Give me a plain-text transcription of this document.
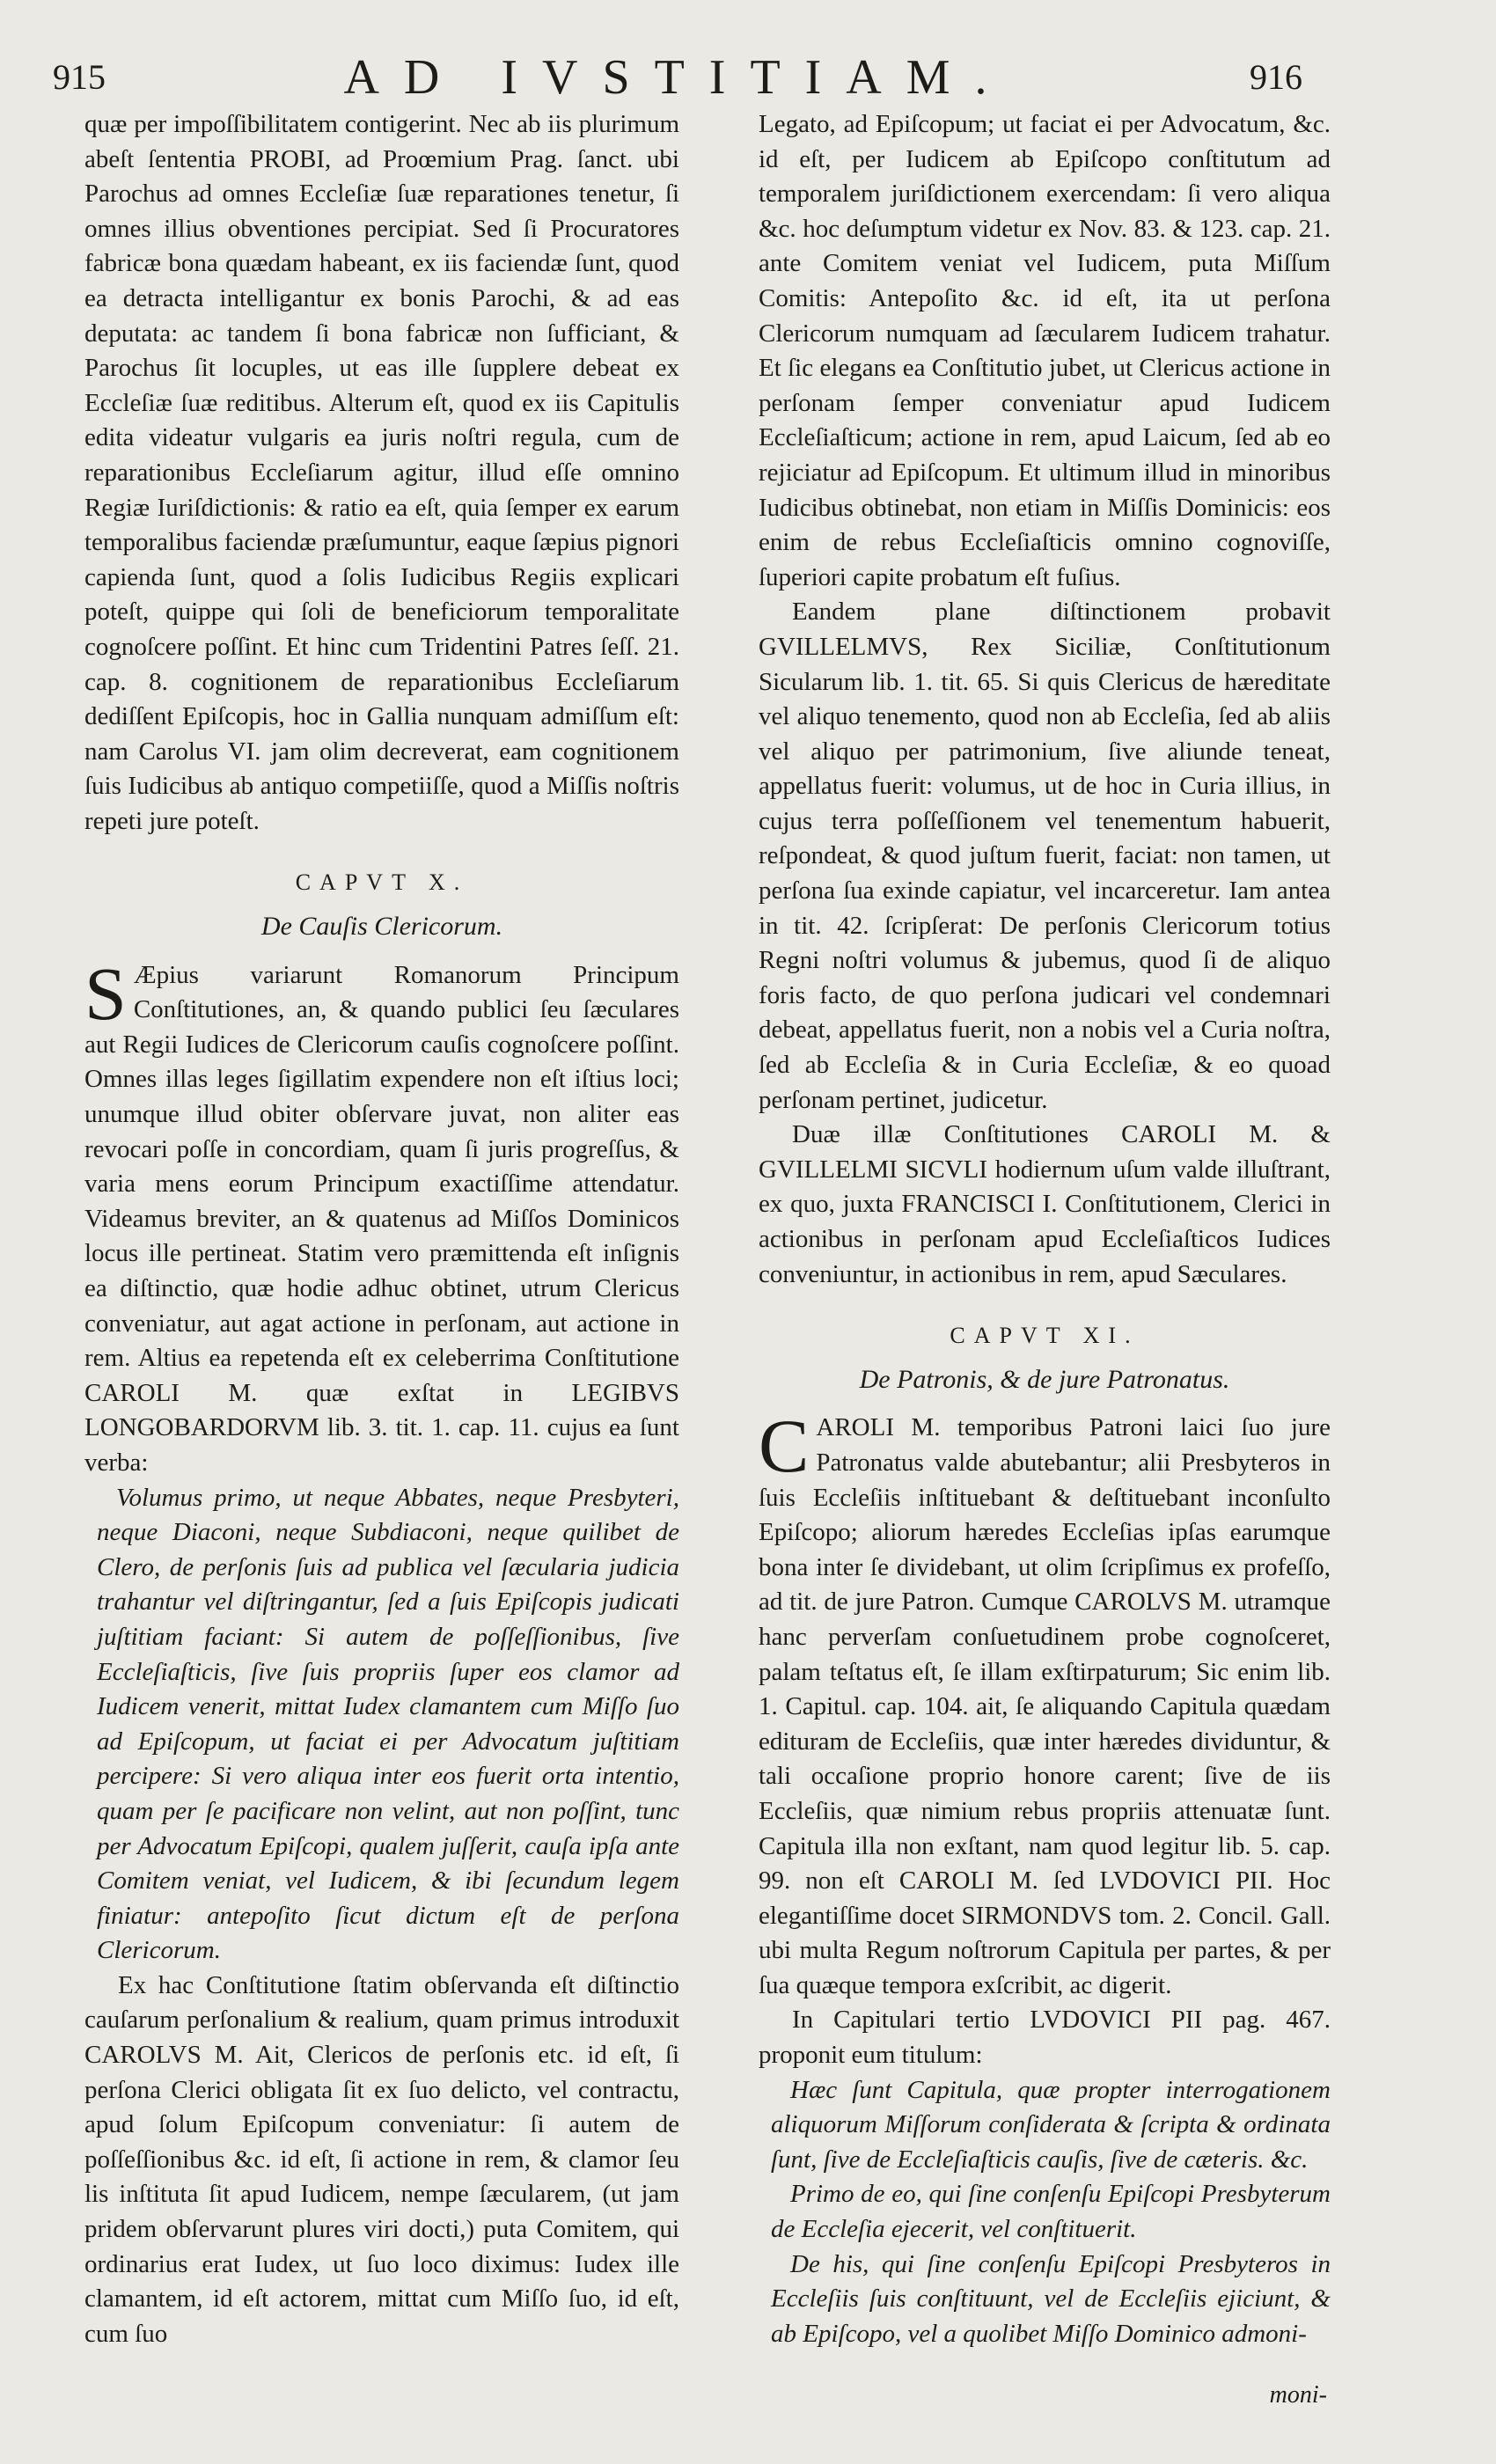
915	AD IVSTITIAM.	916

quæ per impoſſibilitatem contigerint. Nec ab iis plurimum abeſt ſententia PROBI, ad Proœmium Prag. ſanct. ubi Parochus ad omnes Eccleſiæ ſuæ reparationes tenetur, ſi omnes illius obventiones percipiat. Sed ſi Procuratores fabricæ bona quædam habeant, ex iis faciendæ ſunt, quod ea detracta intelligantur ex bonis Parochi, & ad eas deputata: ac tandem ſi bona fabricæ non ſufficiant, & Parochus ſit locuples, ut eas ille ſupplere debeat ex Eccleſiæ ſuæ reditibus. Alterum eſt, quod ex iis Capitulis edita videatur vulgaris ea juris noſtri regula, cum de reparationibus Eccleſiarum agitur, illud eſſe omnino Regiæ Iuriſdictionis: & ratio ea eſt, quia ſemper ex earum temporalibus faciendæ præſumuntur, eaque ſæpius pignori capienda ſunt, quod a ſolis Iudicibus Regiis explicari poteſt, quippe qui ſoli de beneficiorum temporalitate cognoſcere poſſint. Et hinc cum Tridentini Patres ſeſſ. 21. cap. 8. cognitionem de reparationibus Eccleſiarum dediſſent Epiſcopis, hoc in Gallia nunquam admiſſum eſt: nam Carolus VI. jam olim decreverat, eam cognitionem ſuis Iudicibus ab antiquo competiiſſe, quod a Miſſis noſtris repeti jure poteſt.

CAPVT X.
De Cauſis Clericorum.

S Æpius variarunt Romanorum Principum Conſtitutiones, an, & quando publici ſeu ſæculares aut Regii Iudices de Clericorum cauſis cognoſcere poſſint. Omnes illas leges ſigillatim expendere non eſt iſtius loci; unumque illud obiter obſervare juvat, non aliter eas revocari poſſe in concordiam, quam ſi juris progreſſus, & varia mens eorum Principum exactiſſime attendatur. Videamus breviter, an & quatenus ad Miſſos Dominicos locus ille pertineat. Statim vero præmittenda eſt inſignis ea diſtinctio, quæ hodie adhuc obtinet, utrum Clericus conveniatur, aut agat actione in perſonam, aut actione in rem. Altius ea repetenda eſt ex celeberrima Conſtitutione CAROLI M. quæ exſtat in LEGIBVS LONGOBARDORVM lib. 3. tit. 1. cap. 11. cujus ea ſunt verba:

Volumus primo, ut neque Abbates, neque Presbyteri, neque Diaconi, neque Subdiaconi, neque quilibet de Clero, de perſonis ſuis ad publica vel ſæcularia judicia trahantur vel diſtringantur, ſed a ſuis Epiſcopis judicati juſtitiam faciant: Si autem de poſſeſſionibus, ſive Eccleſiaſticis, ſive ſuis propriis ſuper eos clamor ad Iudicem venerit, mittat Iudex clamantem cum Miſſo ſuo ad Epiſcopum, ut faciat ei per Advocatum juſtitiam percipere: Si vero aliqua inter eos fuerit orta intentio, quam per ſe pacificare non velint, aut non poſſint, tunc per Advocatum Epiſcopi, qualem juſſerit, cauſa ipſa ante Comitem veniat, vel Iudicem, & ibi ſecundum legem finiatur: antepoſito ſicut dictum eſt de perſona Clericorum.

Ex hac Conſtitutione ſtatim obſervanda eſt diſtinctio cauſarum perſonalium & realium, quam primus introduxit CAROLVS M. Ait, Clericos de perſonis etc. id eſt, ſi perſona Clerici obligata ſit ex ſuo delicto, vel contractu, apud ſolum Epiſcopum conveniatur: ſi autem de poſſeſſionibus &c. id eſt, ſi actione in rem, & clamor ſeu lis inſtituta ſit apud Iudicem, nempe ſæcularem, (ut jam pridem obſervarunt plures viri docti,) puta Comitem, qui ordinarius erat Iudex, ut ſuo loco diximus: Iudex ille clamantem, id eſt actorem, mittat cum Miſſo ſuo, id eſt, cum ſuo

Legato, ad Epiſcopum; ut faciat ei per Advocatum, &c. id eſt, per Iudicem ab Epiſcopo conſtitutum ad temporalem juriſdictionem exercendam: ſi vero aliqua &c. hoc deſumptum videtur ex Nov. 83. & 123. cap. 21. ante Comitem veniat vel Iudicem, puta Miſſum Comitis: Antepoſito &c. id eſt, ita ut perſona Clericorum numquam ad ſæcularem Iudicem trahatur. Et ſic elegans ea Conſtitutio jubet, ut Clericus actione in perſonam ſemper conveniatur apud Iudicem Eccleſiaſticum; actione in rem, apud Laicum, ſed ab eo rejiciatur ad Epiſcopum. Et ultimum illud in minoribus Iudicibus obtinebat, non etiam in Miſſis Dominicis: eos enim de rebus Eccleſiaſticis omnino cognoviſſe, ſuperiori capite probatum eſt fuſius.

Eandem plane diſtinctionem probavit GVILLELMVS, Rex Siciliæ, Conſtitutionum Sicularum lib. 1. tit. 65. Si quis Clericus de hæreditate vel aliquo tenemento, quod non ab Eccleſia, ſed ab aliis vel aliquo per patrimonium, ſive aliunde teneat, appellatus fuerit: volumus, ut de hoc in Curia illius, in cujus terra poſſeſſionem vel tenementum habuerit, reſpondeat, & quod juſtum fuerit, faciat: non tamen, ut perſona ſua exinde capiatur, vel incarceretur. Iam antea in tit. 42. ſcripſerat: De perſonis Clericorum totius Regni noſtri volumus & jubemus, quod ſi de aliquo foris facto, de quo perſona judicari vel condemnari debeat, appellatus fuerit, non a nobis vel a Curia noſtra, ſed ab Eccleſia & in Curia Eccleſiæ, & eo quoad perſonam pertinet, judicetur.

Duæ illæ Conſtitutiones CAROLI M. & GVILLELMI SICVLI hodiernum uſum valde illuſtrant, ex quo, juxta FRANCISCI I. Conſtitutionem, Clerici in actionibus in perſonam apud Eccleſiaſticos Iudices conveniuntur, in actionibus in rem, apud Sæculares.

CAPVT XI.
De Patronis, & de jure Patronatus.

CAROLI M. temporibus Patroni laici ſuo jure Patronatus valde abutebantur; alii Presbyteros in ſuis Eccleſiis inſtituebant & deſtituebant inconſulto Epiſcopo; aliorum hæredes Eccleſias ipſas earumque bona inter ſe dividebant, ut olim ſcripſimus ex profeſſo, ad tit. de jure Patron. Cumque CAROLVS M. utramque hanc perverſam conſuetudinem probe cognoſceret, palam teſtatus eſt, ſe illam exſtirpaturum; Sic enim lib. 1. Capitul. cap. 104. ait, ſe aliquando Capitula quædam edituram de Eccleſiis, quæ inter hæredes dividuntur, & tali occaſione proprio honore carent; ſive de iis Eccleſiis, quæ nimium rebus propriis attenuatæ ſunt. Capitula illa non exſtant, nam quod legitur lib. 5. cap. 99. non eſt CAROLI M. ſed LVDOVICI PII. Hoc elegantiſſime docet SIRMONDVS tom. 2. Concil. Gall. ubi multa Regum noſtrorum Capitula per partes, & per ſua quæque tempora exſcribit, ac digerit.

In Capitulari tertio LVDOVICI PII pag. 467. proponit eum titulum:

Hæc ſunt Capitula, quæ propter interrogationem aliquorum Miſſorum conſiderata & ſcripta & ordinata ſunt, ſive de Eccleſiaſticis cauſis, ſive de cæteris. &c.

Primo de eo, qui ſine conſenſu Epiſcopi Presbyterum de Eccleſia ejecerit, vel conſtituerit.

De his, qui ſine conſenſu Epiſcopi Presbyteros in Eccleſiis ſuis conſtituunt, vel de Eccleſiis ejiciunt, & ab Epiſcopo, vel a quolibet Miſſo Dominico admoni-

moni-
